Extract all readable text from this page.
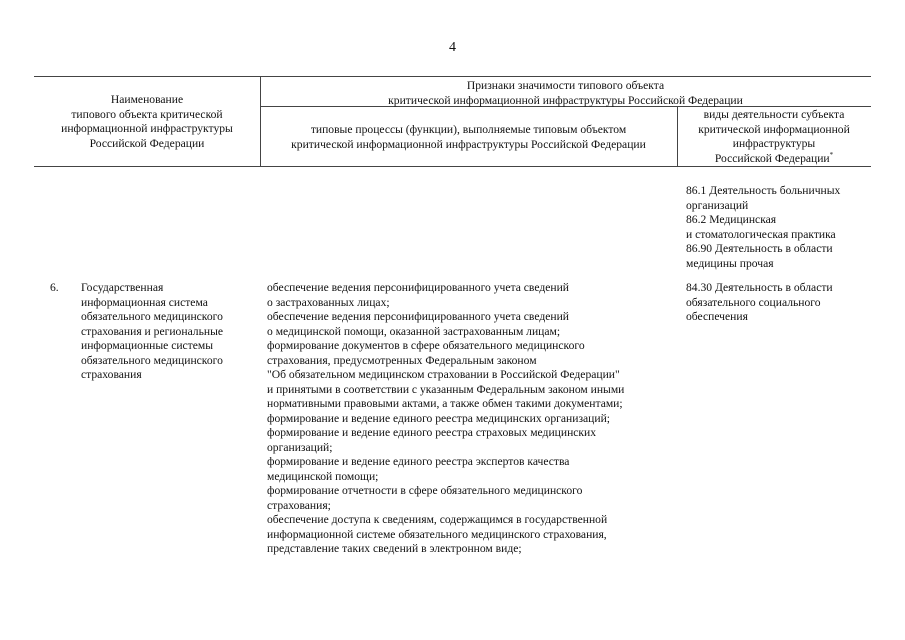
4
Наименование
типового объекта критической
информационной инфраструктуры
Российской Федерации
Признаки значимости типового объекта
критической информационной инфраструктуры Российской Федерации
типовые процессы (функции), выполняемые типовым объектом
критической информационной инфраструктуры Российской Федерации
виды деятельности субъекта
критической информационной
инфраструктуры
Российской Федерации*
86.1 Деятельность больничных
организаций
86.2 Медицинская
и стоматологическая практика
86.90 Деятельность в области
медицины прочая
6.	Государственная
информационная система
обязательного медицинского
страхования и региональные
информационные системы
обязательного медицинского
страхования
обеспечение ведения персонифицированного учета сведений
о застрахованных лицах;
обеспечение ведения персонифицированного учета сведений
о медицинской помощи, оказанной застрахованным лицам;
формирование документов в сфере обязательного медицинского
страхования, предусмотренных Федеральным законом
"Об обязательном медицинском страховании в Российской Федерации"
и принятыми в соответствии с указанным Федеральным законом иными
нормативными правовыми актами, а также обмен такими документами;
формирование и ведение единого реестра медицинских организаций;
формирование и ведение единого реестра страховых медицинских
организаций;
формирование и ведение единого реестра экспертов качества
медицинской помощи;
формирование отчетности в сфере обязательного медицинского
страхования;
обеспечение доступа к сведениям, содержащимся в государственной
информационной системе обязательного медицинского страхования,
представление таких сведений в электронном виде;
84.30 Деятельность в области
обязательного социального
обеспечения
